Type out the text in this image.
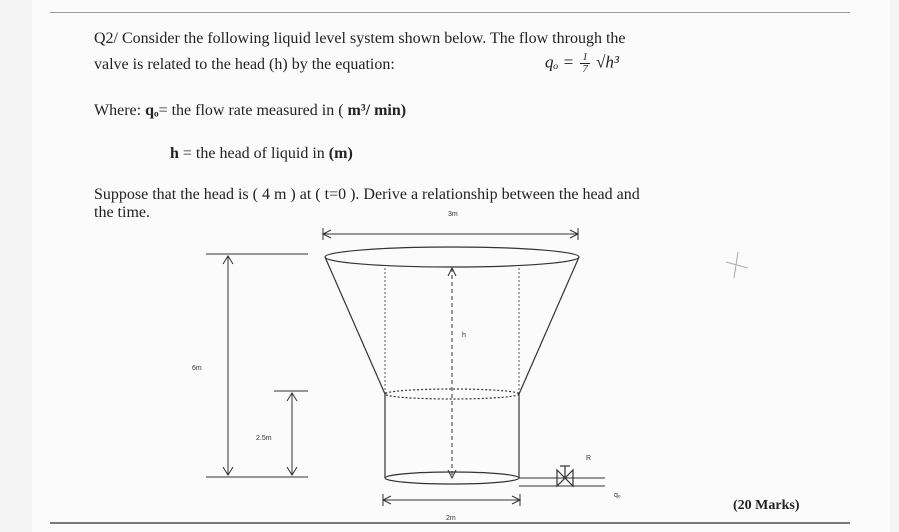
Q2/ Consider the following liquid level system shown below. The flow through the
valve is related to the head (h) by the equation:	$q_o = \frac{1}{7} √h^3$
Where: qₒ= the flow rate measured in ( m³/ min)
h = the head of liquid in (m)
Suppose that the head is ( 4 m ) at ( t=0 ). Derive a relationship between the head and
the time.	3m
6m
2.5m
h
R
qₒ
2m
(20 Marks)
